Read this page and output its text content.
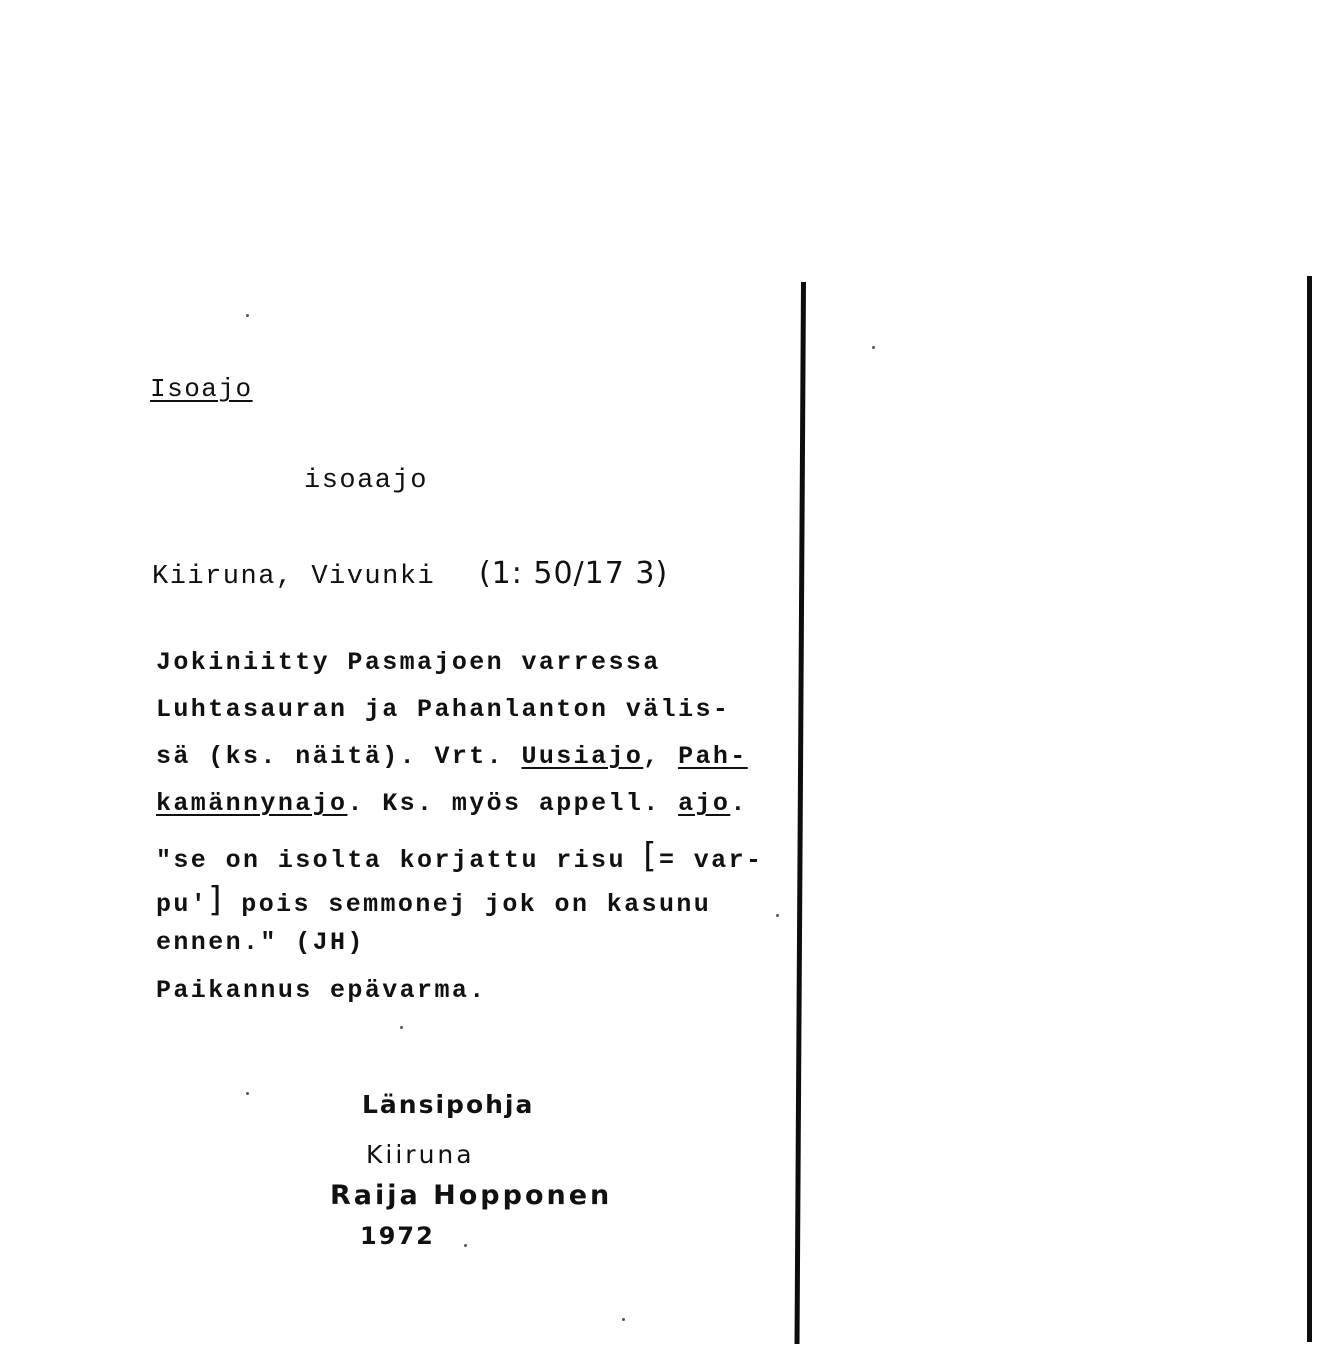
Isoajo
isoaajo
Kiiruna, Vivunki (1: 50/17 3)
Jokiniitty Pasmajoen varressa
Luhtasauran ja Pahanlanton välis-
sä (ks. näitä). Vrt. Uusiajo, Pah-
kamännynajo. Ks. myös appell. ajo.
"se on isolta korjattu risu [= var-
pu'] pois semmonej jok on kasunu
ennen." (JH)
Paikannus epävarma.
Länsipohja
Kiiruna
Raija Hopponen
1972
